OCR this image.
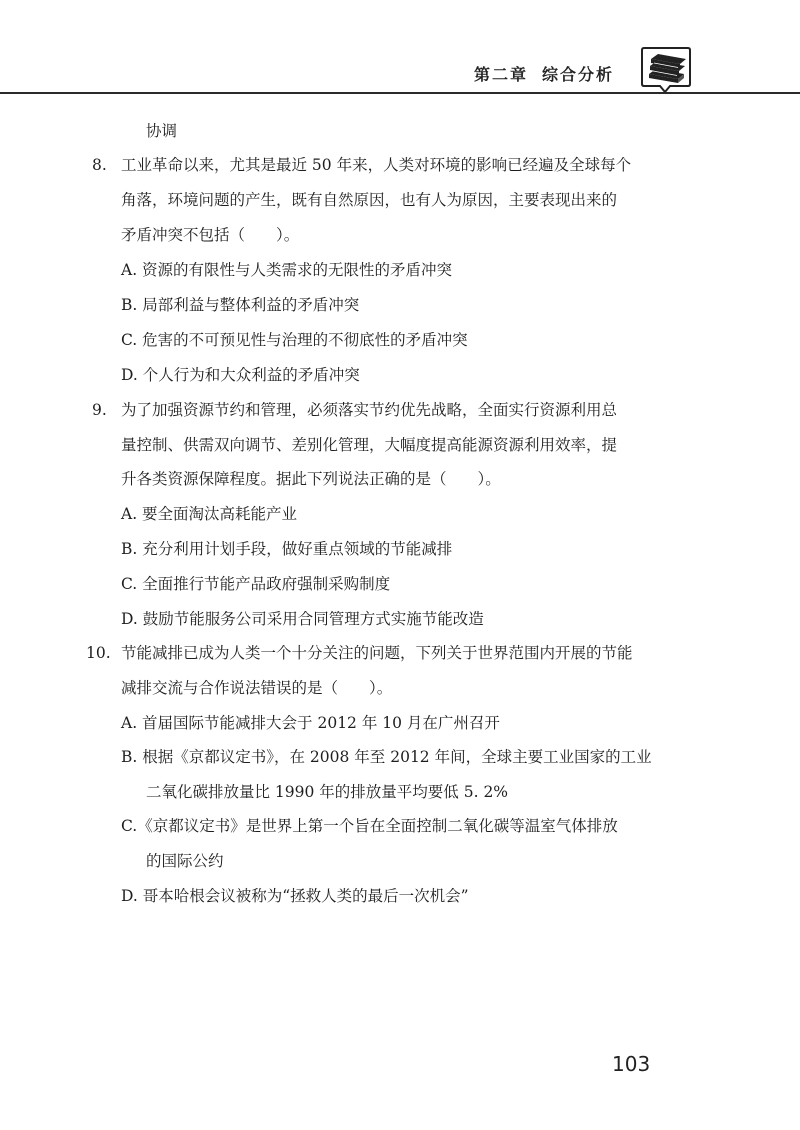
第二章 综合分析
协调
8. 工业革命以来，尤其是最近 50 年来，人类对环境的影响已经遍及全球每个
角落，环境问题的产生，既有自然原因，也有人为原因，主要表现出来的
矛盾冲突不包括（　　）。
A. 资源的有限性与人类需求的无限性的矛盾冲突
B. 局部利益与整体利益的矛盾冲突
C. 危害的不可预见性与治理的不彻底性的矛盾冲突
D. 个人行为和大众利益的矛盾冲突
9. 为了加强资源节约和管理，必须落实节约优先战略，全面实行资源利用总
量控制、供需双向调节、差别化管理，大幅度提高能源资源利用效率，提
升各类资源保障程度。据此下列说法正确的是（　　）。
A. 要全面淘汰高耗能产业
B. 充分利用计划手段，做好重点领域的节能减排
C. 全面推行节能产品政府强制采购制度
D. 鼓励节能服务公司采用合同管理方式实施节能改造
10. 节能减排已成为人类一个十分关注的问题，下列关于世界范围内开展的节能
减排交流与合作说法错误的是（　　）。
A. 首届国际节能减排大会于 2012 年 10 月在广州召开
B. 根据《京都议定书》，在 2008 年至 2012 年间，全球主要工业国家的工业
二氧化碳排放量比 1990 年的排放量平均要低 5. 2%
C.《京都议定书》是世界上第一个旨在全面控制二氧化碳等温室气体排放
的国际公约
D. 哥本哈根会议被称为“拯救人类的最后一次机会”
103
